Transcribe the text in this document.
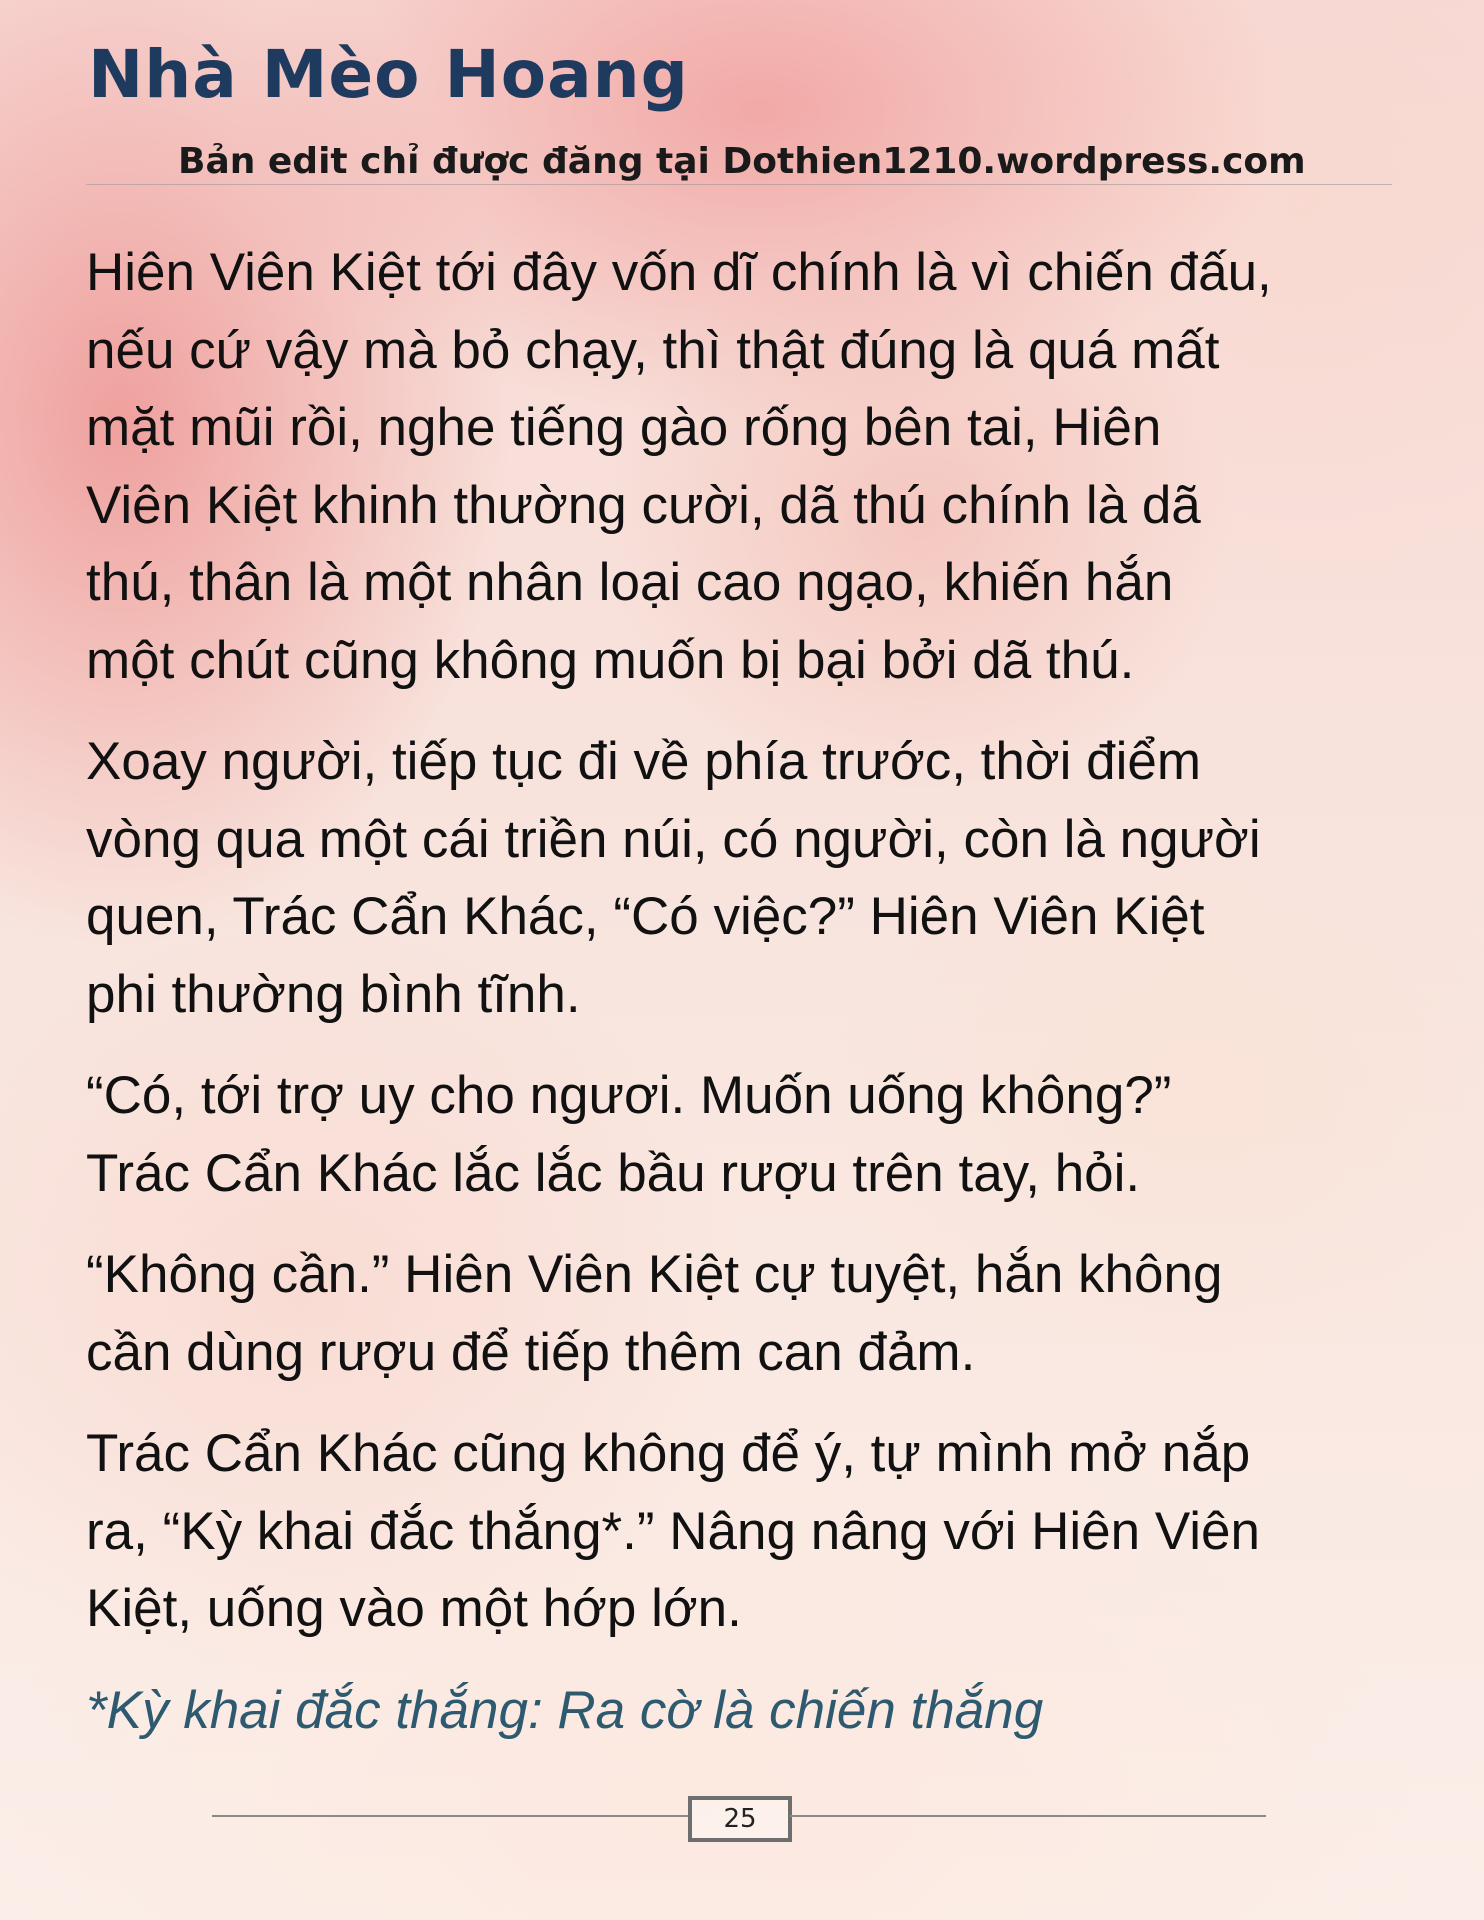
Nhà Mèo Hoang
Bản edit chỉ được đăng tại Dothien1210.wordpress.com

Hiên Viên Kiệt tới đây vốn dĩ chính là vì chiến đấu,
nếu cứ vậy mà bỏ chạy, thì thật đúng là quá mất
mặt mũi rồi, nghe tiếng gào rống bên tai, Hiên
Viên Kiệt khinh thường cười, dã thú chính là dã
thú, thân là một nhân loại cao ngạo, khiến hắn
một chút cũng không muốn bị bại bởi dã thú.

Xoay người, tiếp tục đi về phía trước, thời điểm
vòng qua một cái triền núi, có người, còn là người
quen, Trác Cẩn Khác, “Có việc?” Hiên Viên Kiệt
phi thường bình tĩnh.

“Có, tới trợ uy cho ngươi. Muốn uống không?”
Trác Cẩn Khác lắc lắc bầu rượu trên tay, hỏi.

“Không cần.” Hiên Viên Kiệt cự tuyệt, hắn không
cần dùng rượu để tiếp thêm can đảm.

Trác Cẩn Khác cũng không để ý, tự mình mở nắp
ra, “Kỳ khai đắc thắng*.” Nâng nâng với Hiên Viên
Kiệt, uống vào một hớp lớn.

*Kỳ khai đắc thắng: Ra cờ là chiến thắng

25
